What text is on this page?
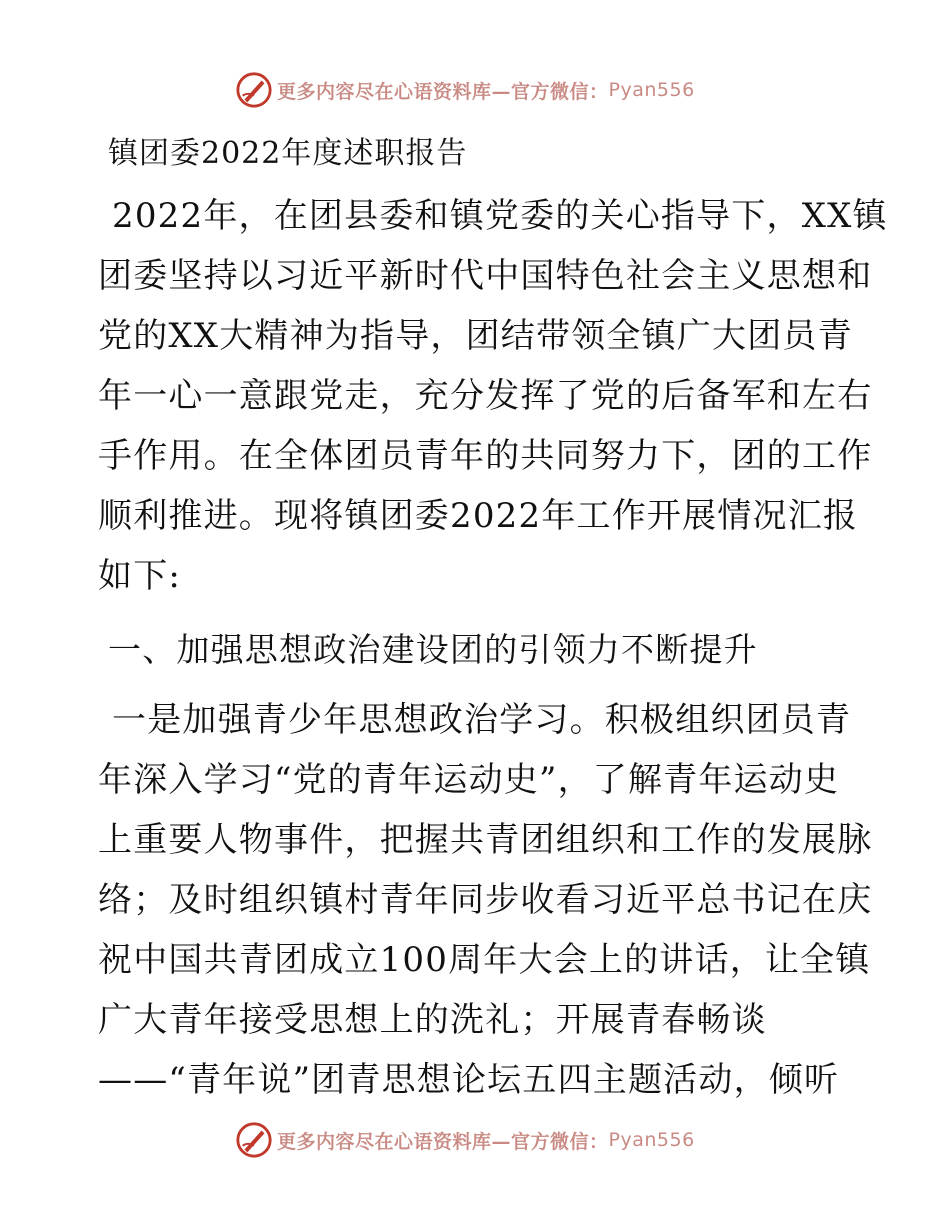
更多内容尽在心语资料库—官方微信： Pyan556
镇团委2022年度述职报告
2022年，在团县委和镇党委的关心指导下，XX镇
团委坚持以习近平新时代中国特色社会主义思想和
党的XX大精神为指导，团结带领全镇广大团员青
年一心一意跟党走，充分发挥了党的后备军和左右
手作用。在全体团员青年的共同努力下，团的工作
顺利推进。现将镇团委2022年工作开展情况汇报
如下:
一、加强思想政治建设团的引领力不断提升
一是加强青少年思想政治学习。积极组织团员青
年深入学习“党的青年运动史”，了解青年运动史
上重要人物事件，把握共青团组织和工作的发展脉
络；及时组织镇村青年同步收看习近平总书记在庆
祝中国共青团成立100周年大会上的讲话，让全镇
广大青年接受思想上的洗礼；开展青春畅谈
——“青年说”团青思想论坛五四主题活动，倾听
更多内容尽在心语资料库—官方微信： Pyan556
